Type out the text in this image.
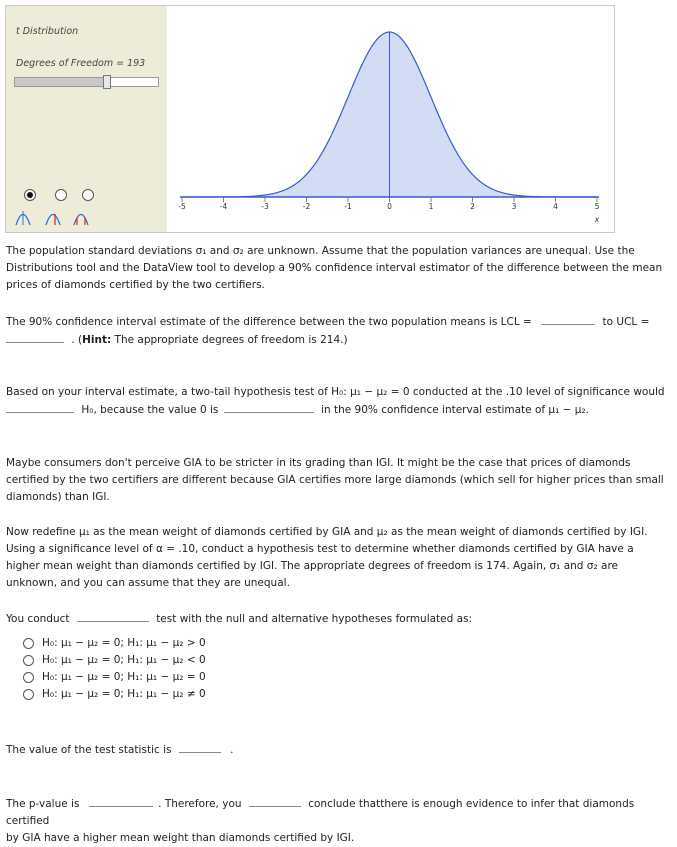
t Distribution
Degrees of Freedom = 193
-5	-4	-3	-2	-1	0	1	2	3	4	5
x
The population standard deviations σ₁ and σ₂ are unknown. Assume that the population variances are unequal. Use the Distributions tool and the DataView tool to develop a 90% confidence interval estimator of the difference between the mean prices of diamonds certified by the two certifiers.
The 90% confidence interval estimate of the difference between the two population means is LCL =	to UCL =
. (Hint: The appropriate degrees of freedom is 214.)
Based on your interval estimate, a two-tail hypothesis test of H₀: μ₁ − μ₂ = 0 conducted at the .10 level of significance would
H₀, because the value 0 is	in the 90% confidence interval estimate of μ₁ − μ₂.
Maybe consumers don't perceive GIA to be stricter in its grading than IGI. It might be the case that prices of diamonds certified by the two certifiers are different because GIA certifies more large diamonds (which sell for higher prices than small diamonds) than IGI.
Now redefine μ₁ as the mean weight of diamonds certified by GIA and μ₂ as the mean weight of diamonds certified by IGI. Using a significance level of α = .10, conduct a hypothesis test to determine whether diamonds certified by GIA have a higher mean weight than diamonds certified by IGI. The appropriate degrees of freedom is 174. Again, σ₁ and σ₂ are unknown, and you can assume that they are unequal.
You conduct	test with the null and alternative hypotheses formulated as:
H₀: μ₁ − μ₂ = 0; H₁: μ₁ − μ₂ > 0
H₀: μ₁ − μ₂ = 0; H₁: μ₁ − μ₂ < 0
H₀: μ₁ − μ₂ = 0; H₁: μ₁ − μ₂ = 0
H₀: μ₁ − μ₂ = 0; H₁: μ₁ − μ₂ ≠ 0
The value of the test statistic is	.
The p-value is	. Therefore, you	conclude thatthere is enough evidence to infer that diamonds certified
by GIA have a higher mean weight than diamonds certified by IGI.
